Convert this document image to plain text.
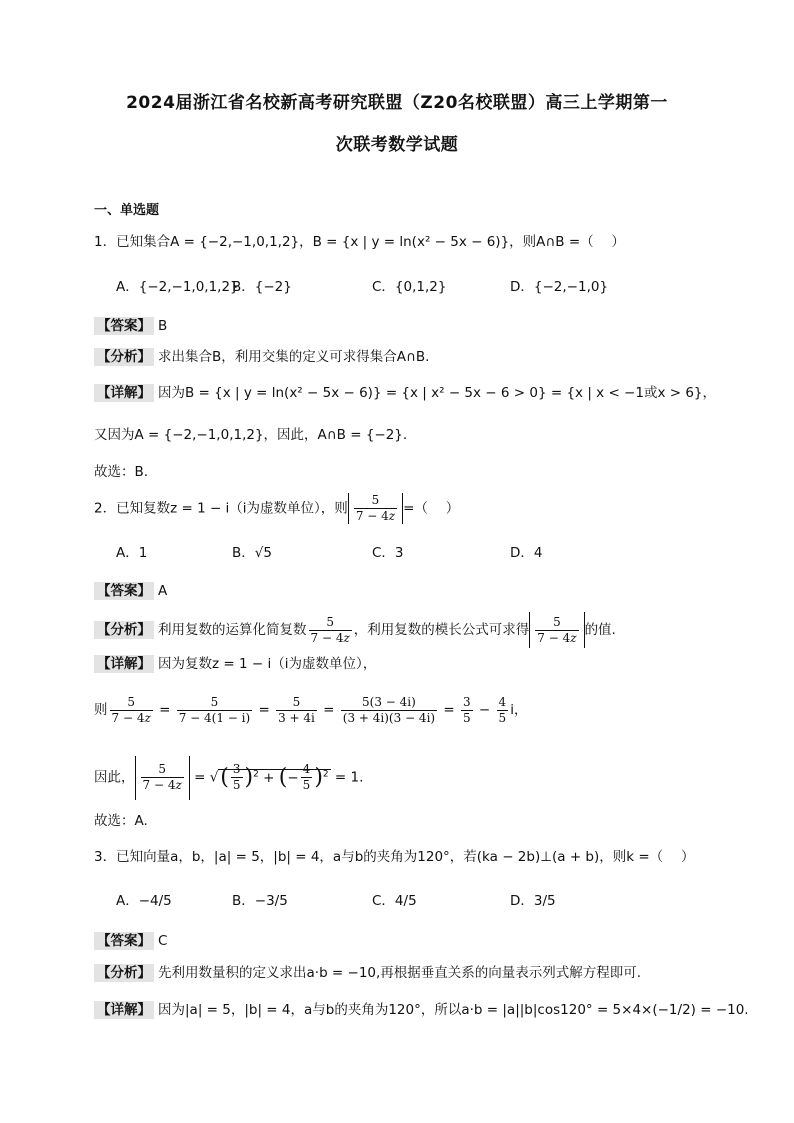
2024届浙江省名校新高考研究联盟（Z20名校联盟）高三上学期第一
次联考数学试题
一、单选题
1．已知集合A = {−2,−1,0,1,2}，B = {x | y = ln(x² − 5x − 6)}，则A∩B =（　 ）
A．{−2,−1,0,1,2}
B．{−2}	C．{0,1,2}	D．{−2,−1,0}
【答案】 B
【分析】 求出集合B，利用交集的定义可求得集合A∩B.
【详解】 因为B = {x | y = ln(x² − 5x − 6)} = {x | x² − 5x − 6 > 0} = {x | x < −1或x > 6}，
又因为A = {−2,−1,0,1,2}，因此，A∩B = {−2}.
故选：B.
2．已知复数z = 1 − i（i为虚数单位），则 $\frac{5}{7 - 4z}$ =（　 ）
A．1	B．√5	C．3	D．4
【答案】 A
【分析】 利用复数的运算化简复数 $\frac{5}{7 - 4z}$ ，利用复数的模长公式可求得 $\frac{5}{7 - 4z}$ 的值.
【详解】 因为复数z = 1 − i（i为虚数单位），
则 $\frac{5}{7 - 4z} = \frac{5}{7 - 4(1 - i)} = \frac{5}{3 + 4i} = \frac{5(3 - 4i)}{(3 + 4i)(3 - 4i)} = \frac{3}{5} - \frac{4}{5}$ i，
因此， $\frac{5}{7 - 4z}$ = √( $\frac{3}{5} )^2$ + (− $\frac{4}{5} )^2 = 1$.
故选：A.
3．已知向量a，b，|a| = 5，|b| = 4，a与b的夹角为120°，若(ka − 2b)⊥(a + b)，则k =（　 ）
A．−4/5	B．−3/5	C．4/5	D．3/5
【答案】 C
【分析】 先利用数量积的定义求出a·b = −10,再根据垂直关系的向量表示列式解方程即可.
【详解】 因为|a| = 5，|b| = 4，a与b的夹角为120°，所以a·b = |a||b|cos120° = 5×4×(−1/2) = −10.
